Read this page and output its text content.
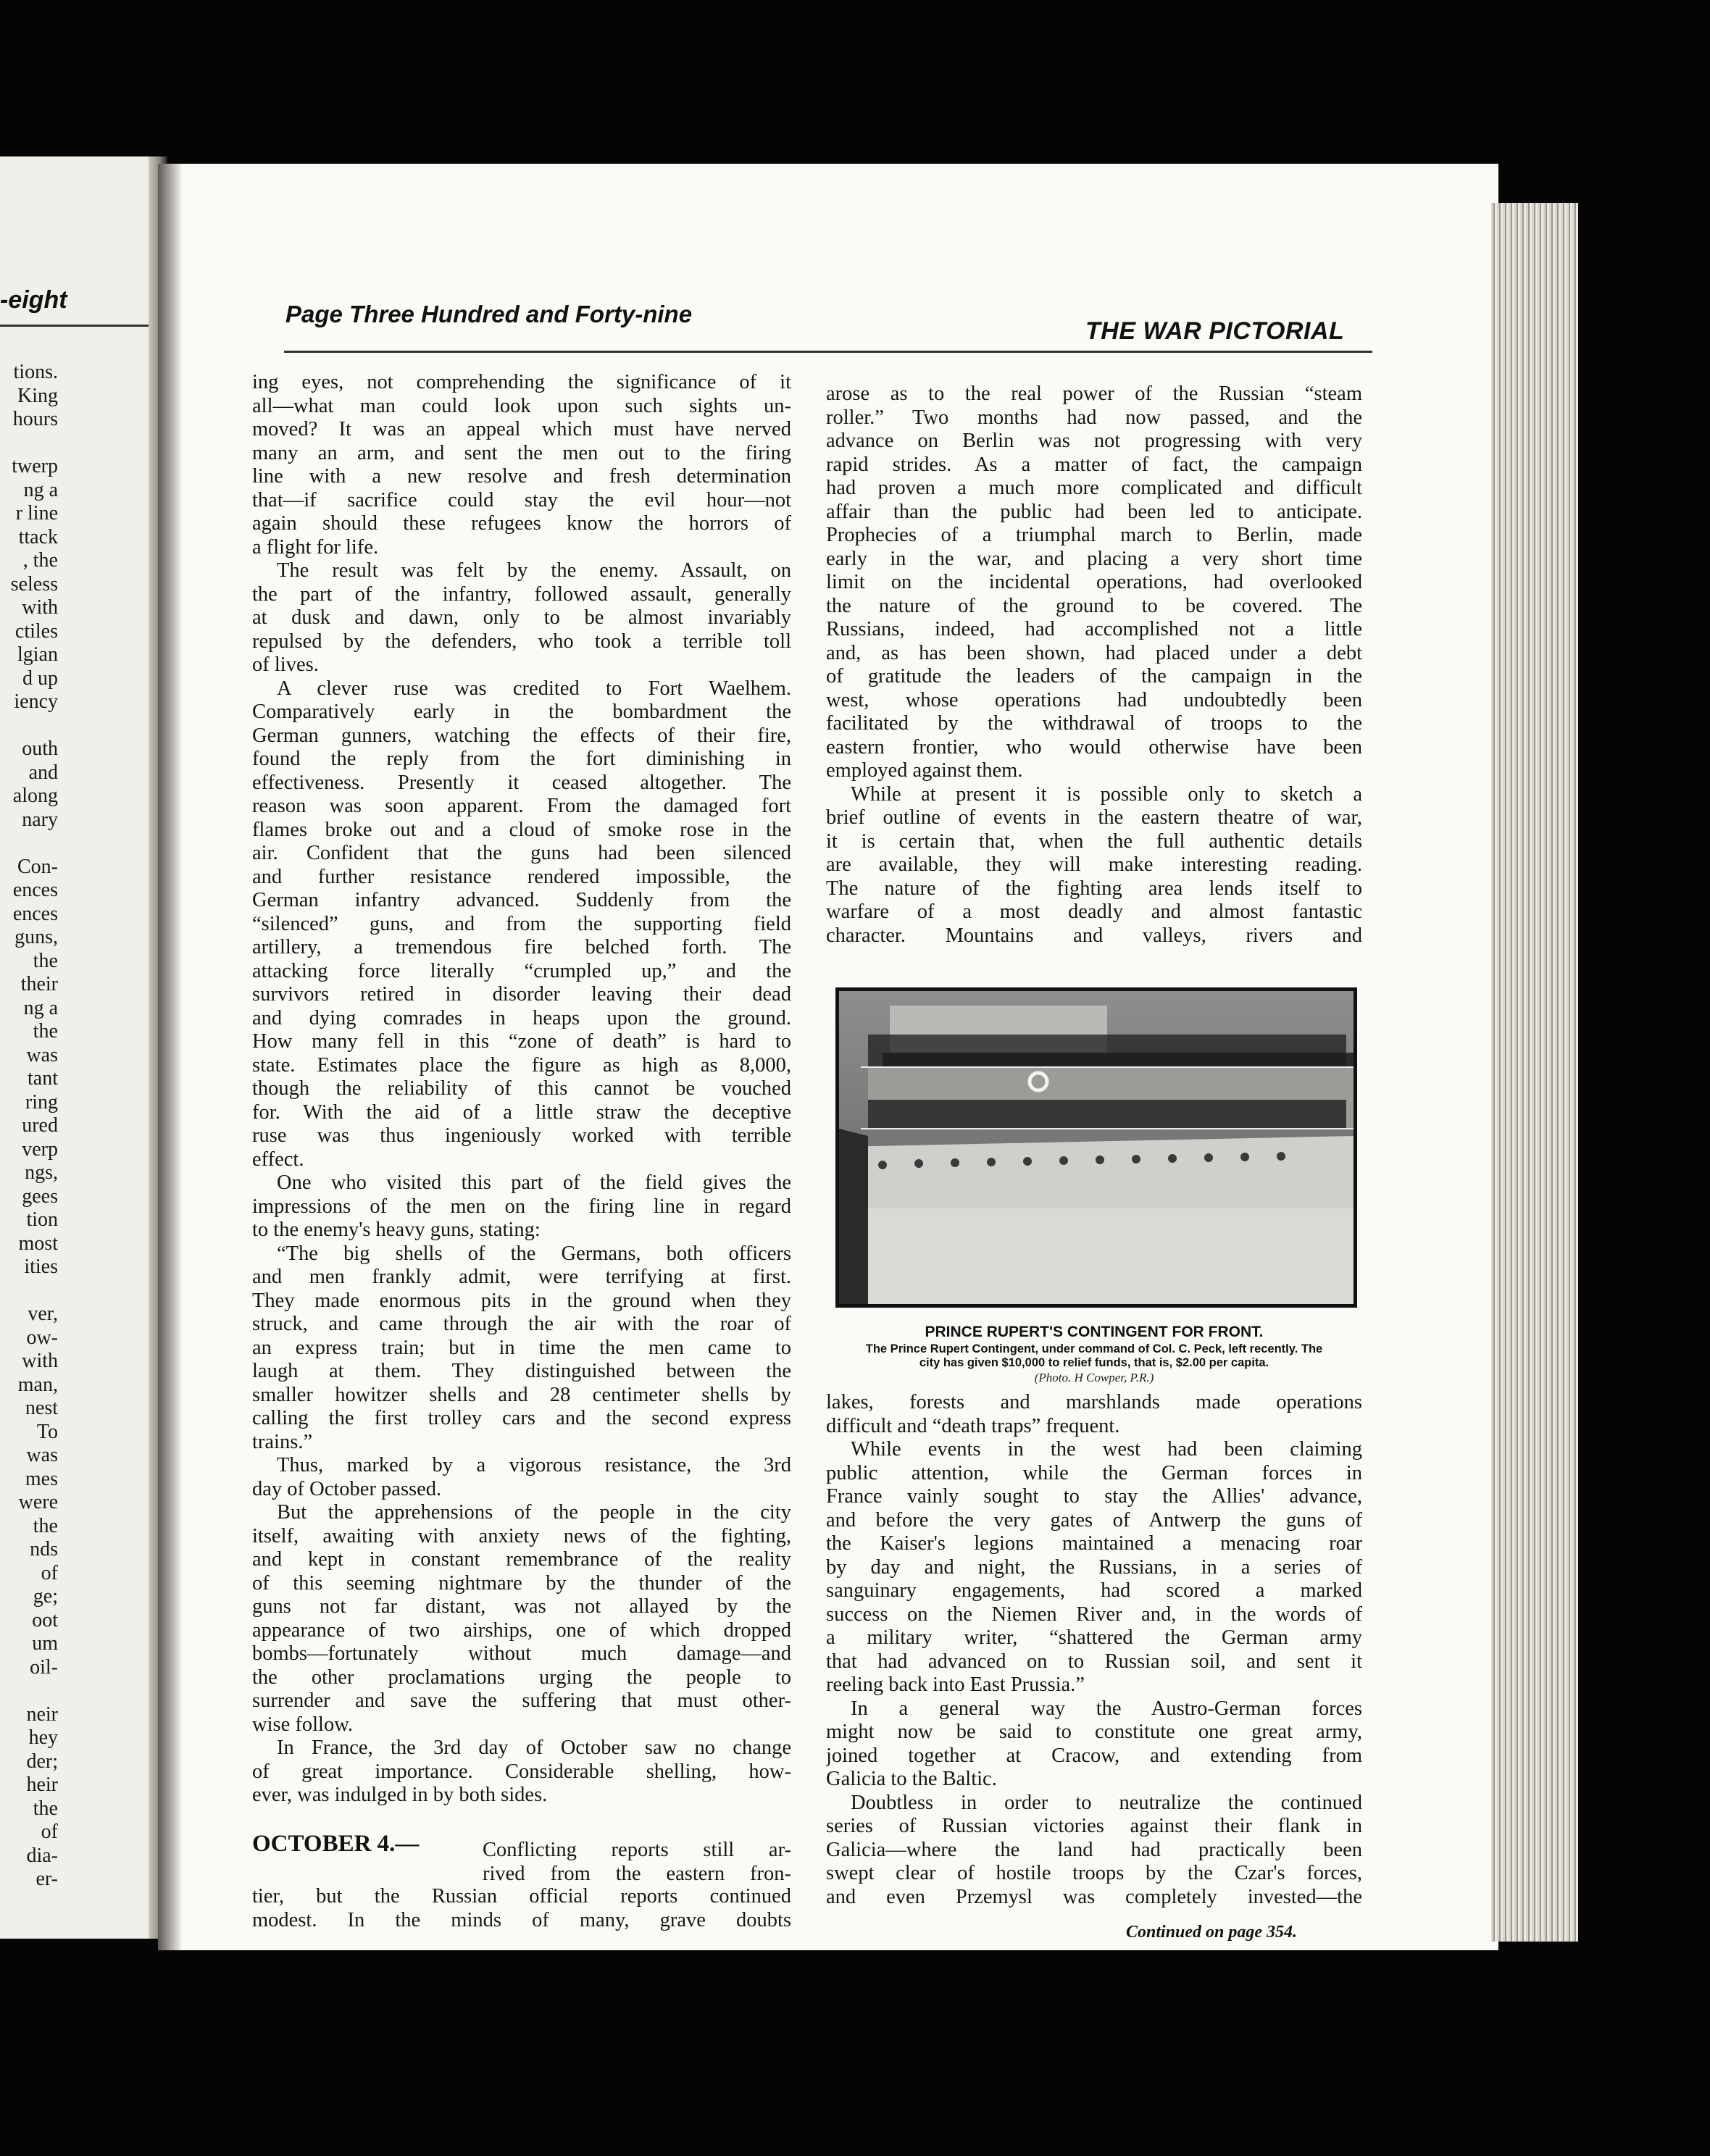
-eight
tions.
King
hours
twerp
ng a
r line
ttack
, the
seless
with
ctiles
lgian
d up
iency
outh
and
along
nary
Con-
ences
ences
guns,
the
their
ng a
the
was
tant
ring
ured
verp
ngs,
gees
tion
most
ities
ver,
ow-
with
man,
nest
To
was
mes
were
the
nds
of
ge;
oot
um
oil-
neir
hey
der;
heir
the
of
dia-
er-
Page Three Hundred and Forty-nine
THE WAR PICTORIAL
ing eyes, not comprehending the significance of it
all—what man could look upon such sights un-
moved? It was an appeal which must have nerved
many an arm, and sent the men out to the firing
line with a new resolve and fresh determination
that—if sacrifice could stay the evil hour—not
again should these refugees know the horrors of
a flight for life.
The result was felt by the enemy. Assault, on
the part of the infantry, followed assault, generally
at dusk and dawn, only to be almost invariably
repulsed by the defenders, who took a terrible toll
of lives.
A clever ruse was credited to Fort Waelhem.
Comparatively early in the bombardment the
German gunners, watching the effects of their fire,
found the reply from the fort diminishing in
effectiveness. Presently it ceased altogether. The
reason was soon apparent. From the damaged fort
flames broke out and a cloud of smoke rose in the
air. Confident that the guns had been silenced
and further resistance rendered impossible, the
German infantry advanced. Suddenly from the
“silenced” guns, and from the supporting field
artillery, a tremendous fire belched forth. The
attacking force literally “crumpled up,” and the
survivors retired in disorder leaving their dead
and dying comrades in heaps upon the ground.
How many fell in this “zone of death” is hard to
state. Estimates place the figure as high as 8,000,
though the reliability of this cannot be vouched
for. With the aid of a little straw the deceptive
ruse was thus ingeniously worked with terrible
effect.
One who visited this part of the field gives the
impressions of the men on the firing line in regard
to the enemy's heavy guns, stating:
“The big shells of the Germans, both officers
and men frankly admit, were terrifying at first.
They made enormous pits in the ground when they
struck, and came through the air with the roar of
an express train; but in time the men came to
laugh at them. They distinguished between the
smaller howitzer shells and 28 centimeter shells by
calling the first trolley cars and the second express
trains.”
Thus, marked by a vigorous resistance, the 3rd
day of October passed.
But the apprehensions of the people in the city
itself, awaiting with anxiety news of the fighting,
and kept in constant remembrance of the reality
of this seeming nightmare by the thunder of the
guns not far distant, was not allayed by the
appearance of two airships, one of which dropped
bombs—fortunately without much damage—and
the other proclamations urging the people to
surrender and save the suffering that must other-
wise follow.
In France, the 3rd day of October saw no change
of great importance. Considerable shelling, how-
ever, was indulged in by both sides.
OCTOBER 4.—	Conflicting reports still ar-
rived from the eastern fron-
tier, but the Russian official reports continued
modest. In the minds of many, grave doubts
arose as to the real power of the Russian “steam
roller.” Two months had now passed, and the
advance on Berlin was not progressing with very
rapid strides. As a matter of fact, the campaign
had proven a much more complicated and difficult
affair than the public had been led to anticipate.
Prophecies of a triumphal march to Berlin, made
early in the war, and placing a very short time
limit on the incidental operations, had overlooked
the nature of the ground to be covered. The
Russians, indeed, had accomplished not a little
and, as has been shown, had placed under a debt
of gratitude the leaders of the campaign in the
west, whose operations had undoubtedly been
facilitated by the withdrawal of troops to the
eastern frontier, who would otherwise have been
employed against them.
While at present it is possible only to sketch a
brief outline of events in the eastern theatre of war,
it is certain that, when the full authentic details
are available, they will make interesting reading.
The nature of the fighting area lends itself to
warfare of a most deadly and almost fantastic
character. Mountains and valleys, rivers and
PRINCE RUPERT'S CONTINGENT FOR FRONT.
The Prince Rupert Contingent, under command of Col. C. Peck, left recently. The
city has given $10,000 to relief funds, that is, $2.00 per capita.
(Photo. H Cowper, P.R.)
lakes, forests and marshlands made operations
difficult and “death traps” frequent.
While events in the west had been claiming
public attention, while the German forces in
France vainly sought to stay the Allies' advance,
and before the very gates of Antwerp the guns of
the Kaiser's legions maintained a menacing roar
by day and night, the Russians, in a series of
sanguinary engagements, had scored a marked
success on the Niemen River and, in the words of
a military writer, “shattered the German army
that had advanced on to Russian soil, and sent it
reeling back into East Prussia.”
In a general way the Austro-German forces
might now be said to constitute one great army,
joined together at Cracow, and extending from
Galicia to the Baltic.
Doubtless in order to neutralize the continued
series of Russian victories against their flank in
Galicia—where the land had practically been
swept clear of hostile troops by the Czar's forces,
and even Przemysl was completely invested—the
Continued on page 354.
